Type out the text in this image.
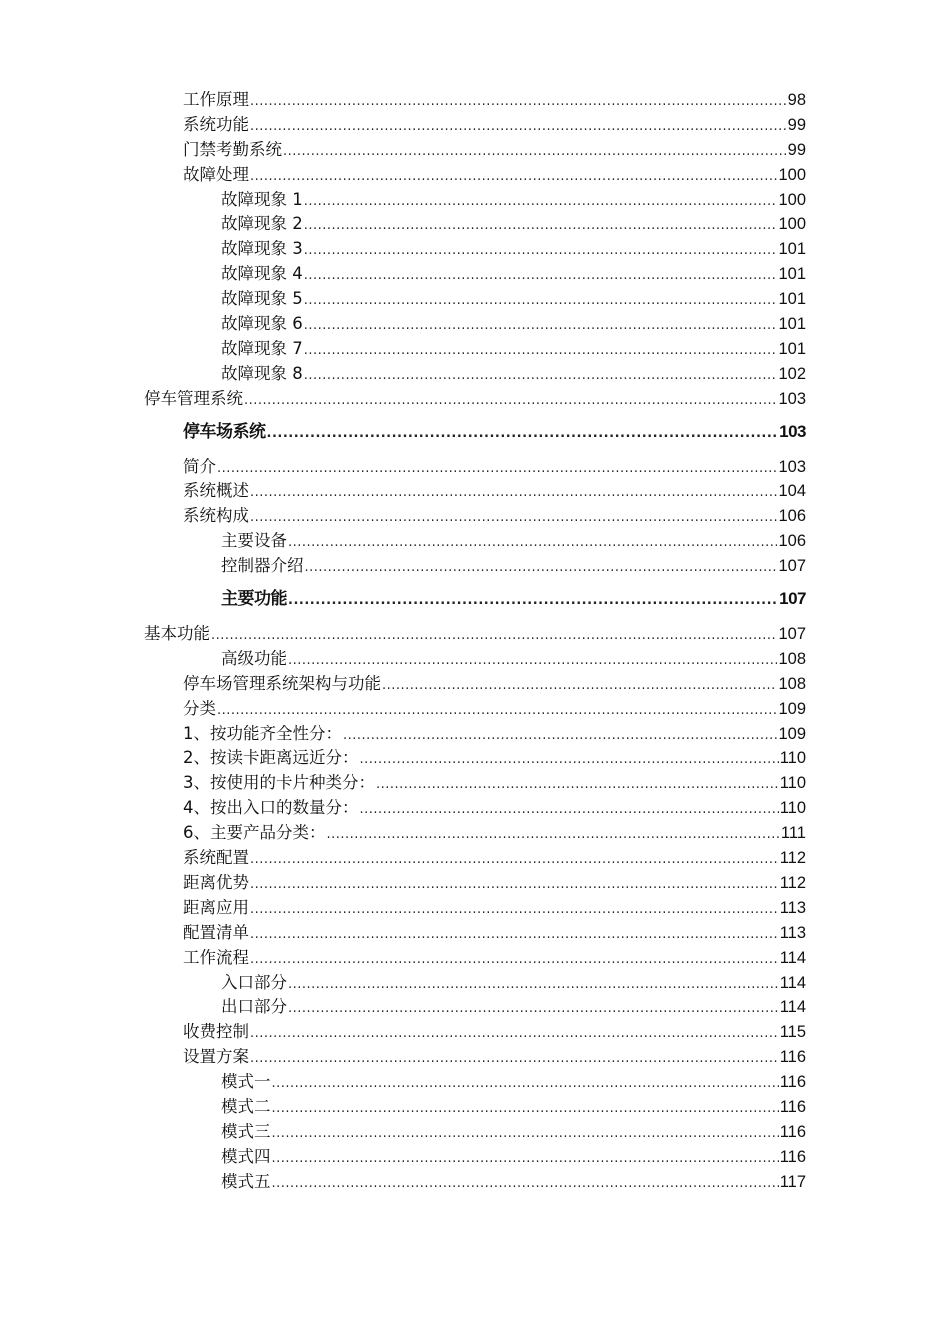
工作原理 .....	98
系统功能 .....	99
门禁考勤系统 .....	99
故障处理 .....	100
故障现象 1 .....	100
故障现象 2 .....	100
故障现象 3 .....	101
故障现象 4 .....	101
故障现象 5 .....	101
故障现象 6 .....	101
故障现象 7 .....	101
故障现象 8 .....	102
停车管理系统 .....	103
停车场系统 .....	103
简介 .....	103
系统概述 .....	104
系统构成 .....	106
主要设备 .....	106
控制器介绍 .....	107
主要功能 .....	107
基本功能 .....	107
高级功能 .....	108
停车场管理系统架构与功能 .....	108
分类 .....	109
1、按功能齐全性分： .....	109
2、按读卡距离远近分： .....	110
3、按使用的卡片种类分： .....	110
4、按出入口的数量分： .....	110
6、主要产品分类： .....	111
系统配置 .....	112
距离优势 .....	112
距离应用 .....	113
配置清单 .....	113
工作流程 .....	114
入口部分 .....	114
出口部分 .....	114
收费控制 .....	115
设置方案 .....	116
模式一 .....	116
模式二 .....	116
模式三 .....	116
模式四 .....	116
模式五 .....	117
